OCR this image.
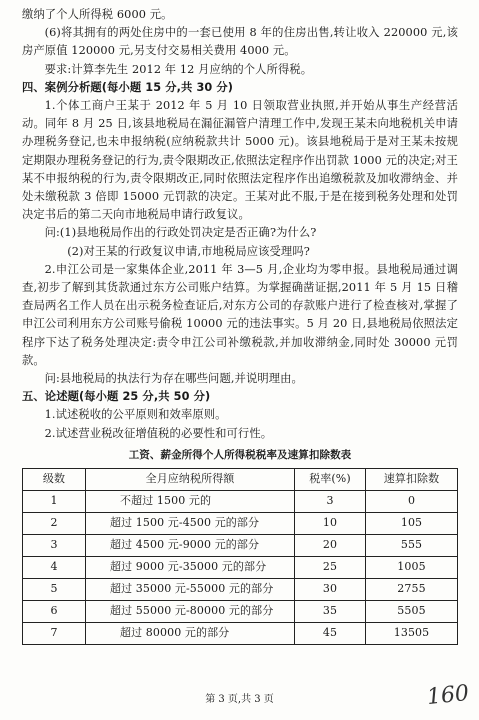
缴纳了个人所得税 6000 元。

(6)将其拥有的两处住房中的一套已使用 8 年的住房出售,转让收入 220000 元,该房产原值 120000 元,另支付交易相关费用 4000 元。

要求:计算李先生 2012 年 12 月应纳的个人所得税。

四、案例分析题(每小题 15 分,共 30 分)

1.个体工商户王某于 2012 年 5 月 10 日领取营业执照,并开始从事生产经营活动。同年 8 月 25 日,该县地税局在漏征漏管户清理工作中,发现王某未向地税机关申请办理税务登记,也未申报纳税(应纳税款共计 5000 元)。该县地税局于是对王某未按规定期限办理税务登记的行为,责令限期改正,依照法定程序作出罚款 1000 元的决定;对王某不申报纳税的行为,责令限期改正,同时依照法定程序作出追缴税款及加收滞纳金、并处未缴税款 3 倍即 15000 元罚款的决定。王某对此不服,于是在接到税务处理和处罚决定书后的第二天向市地税局申请行政复议。

问:(1)县地税局作出的行政处罚决定是否正确?为什么?

(2)对王某的行政复议申请,市地税局应该受理吗?

2.申江公司是一家集体企业,2011 年 3—5 月,企业均为零申报。县地税局通过调查,初步了解到其货款通过东方公司账户结算。为掌握确凿证据,2011 年 5 月 15 日稽查局两名工作人员在出示税务检查证后,对东方公司的存款账户进行了检查核对,掌握了申江公司利用东方公司账号偷税 10000 元的违法事实。5 月 20 日,县地税局依照法定程序下达了税务处理决定:责令申江公司补缴税款,并加收滞纳金,同时处 30000 元罚款。

问:县地税局的执法行为存在哪些问题,并说明理由。

五、论述题(每小题 25 分,共 50 分)

1.试述税收的公平原则和效率原则。

2.试述营业税改征增值税的必要性和可行性。

工资、薪金所得个人所得税税率及速算扣除数表
级数	全月应纳税所得额	税率(%)	速算扣除数
1	不超过 1500 元的	3	0
2	超过 1500 元-4500 元的部分	10	105
3	超过 4500 元-9000 元的部分	20	555
4	超过 9000 元-35000 元的部分	25	1005
5	超过 35000 元-55000 元的部分	30	2755
6	超过 55000 元-80000 元的部分	35	5505
7	超过 80000 元的部分	45	13505
第 3 页,共 3 页	160
